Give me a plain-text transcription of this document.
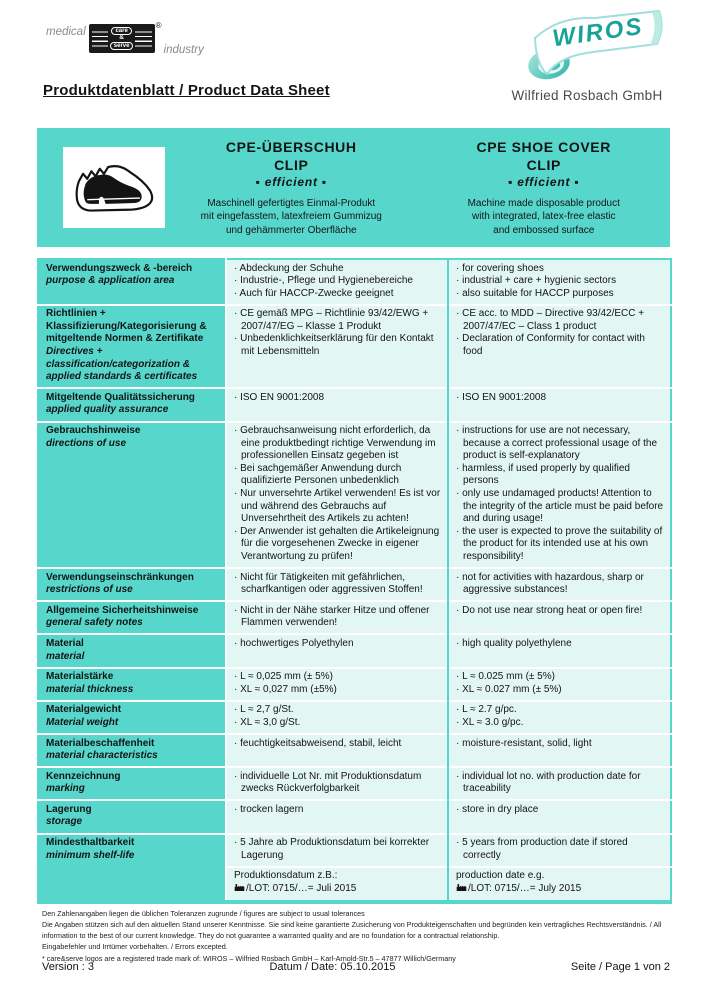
medical	care
&
serve
®
industry	WIROS
Wilfried Rosbach GmbH
Produktdatenblatt / Product Data Sheet
CPE-ÜBERSCHUH
CLIP
▪ efficient ▪
Maschinell gefertigtes Einmal-Produkt
mit eingefasstem, latexfreiem Gummizug
und gehämmerter Oberfläche
CPE SHOE COVER
CLIP
▪ efficient ▪
Machine made disposable product
with integrated, latex-free elastic
and embossed surface
Verwendungszweck & -bereich
purpose & application area

· Abdeckung der Schuhe
· Industrie-, Pflege und Hygienebereiche
· Auch für HACCP-Zwecke geeignet

· for covering shoes
· industrial + care + hygienic sectors
· also suitable for HACCP purposes

Richtlinien + Klassifizierung/Kategorisierung & mitgeltende Normen & Zertifikate
Directives + classification/categorization & applied standards & certificates

· CE gemäß MPG – Richtlinie 93/42/EWG + 2007/47/EG – Klasse 1 Produkt
· Unbedenklichkeitserklärung für den Kontakt mit Lebensmitteln

· CE acc. to MDD – Directive 93/42/ECC + 2007/47/EC – Class 1 product
· Declaration of Conformity for contact with food

Mitgeltende Qualitätssicherung
applied quality assurance	· ISO EN 9001:2008	· ISO EN 9001:2008

Gebrauchshinweise
directions of use

· Gebrauchsanweisung nicht erforderlich, da eine produktbedingt richtige Verwendung im professionellen Einsatz gegeben ist
· Bei sachgemäßer Anwendung durch qualifizierte Personen unbedenklich
· Nur unversehrte Artikel verwenden! Es ist vor und während des Gebrauchs auf Unversehrtheit des Artikels zu achten!
· Der Anwender ist gehalten die Artikeleignung für die vorgesehenen Zwecke in eigener Verantwortung zu prüfen!

· instructions for use are not necessary, because a correct professional usage of the product is self-explanatory
· harmless, if used properly by qualified persons
· only use undamaged products! Attention to the integrity of the article must be paid before and during usage!
· the user is expected to prove the suitability of the product for its intended use at his own responsibility!

Verwendungseinschränkungen
restrictions of use	· Nicht für Tätigkeiten mit gefährlichen, scharfkantigen oder aggressiven Stoffen!	· not for activities with hazardous, sharp or aggressive substances!

Allgemeine Sicherheitshinweise
general safety notes	· Nicht in der Nähe starker Hitze und offener Flammen verwenden!	· Do not use near strong heat or open fire!

Material
material	· hochwertiges Polyethylen	· high quality polyethylene

Materialstärke
material thickness

· L ≈ 0,025 mm (± 5%)
· XL ≈ 0,027 mm (±5%)

· L ≈ 0.025 mm (± 5%)
· XL ≈ 0.027 mm (± 5%)

Materialgewicht
Material weight

· L ≈ 2,7 g/St.
· XL ≈ 3,0 g/St.

· L ≈ 2.7 g/pc.
· XL ≈ 3.0 g/pc.

Materialbeschaffenheit
material characteristics	· feuchtigkeitsabweisend, stabil, leicht	· moisture-resistant, solid, light

Kennzeichnung
marking	· individuelle Lot Nr. mit Produktionsdatum zwecks Rückverfolgbarkeit	· individual lot no. with production date for traceability

Lagerung
storage	· trocken lagern	· store in dry place

Mindesthaltbarkeit
minimum shelf-life	· 5 Jahre ab Produktionsdatum bei korrekter Lagerung	· 5 years from production date if stored correctly

Produktionsdatum z.B.:
/LOT: 0715/…= Juli 2015

production date e.g.
/LOT: 0715/…= July 2015
Den Zahlenangaben liegen die üblichen Toleranzen zugrunde / figures are subject to usual tolerances
Die Angaben stützen sich auf den aktuellen Stand unserer Kenntnisse. Sie sind keine garantierte Zusicherung von Produkteigenschaften und begründen kein vertragliches Rechtsverständnis. / All information to the best of our current knowledge. They do not guarantee a warranted quality and are no foundation for a contractual relationship.
Eingabefehler und Irrtümer vorbehalten. / Errors excepted.
* care&serve logos are a registered trade mark of: WIROS – Wilfried Rosbach GmbH – Karl-Arnold-Str.5 – 47877 Willich/Germany
Version : 3	Datum / Date: 05.10.2015	Seite / Page 1 von 2
